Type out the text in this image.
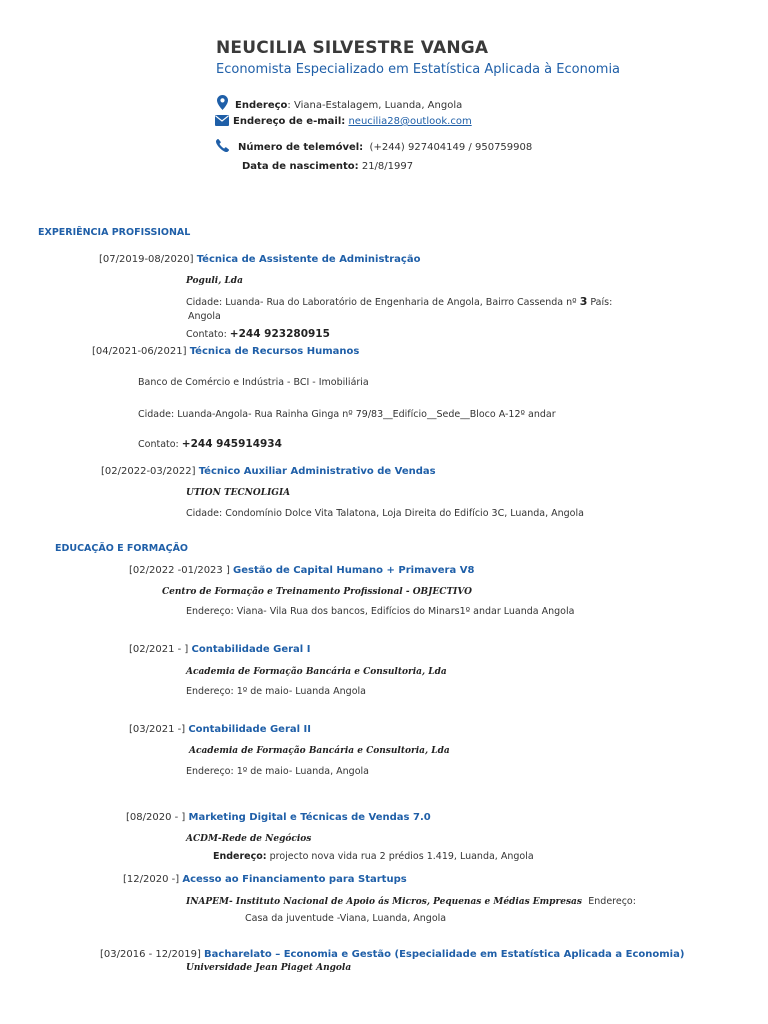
NEUCILIA SILVESTRE VANGA
Economista Especializado em Estatística Aplicada à Economia
Endereço: Viana-Estalagem, Luanda, Angola
Endereço de e-mail: neucilia28@outlook.com
Número de telemóvel: (+244) 927404149 / 950759908
Data de nascimento: 21/8/1997
EXPERIÊNCIA PROFISSIONAL
[07/2019-08/2020] Técnica de Assistente de Administração
Poguli, Lda
Cidade: Luanda- Rua do Laboratório de Engenharia de Angola, Bairro Cassenda nº 3 País:
Angola
Contato: +244 923280915
[04/2021-06/2021] Técnica de Recursos Humanos
Banco de Comércio e Indústria - BCI - Imobiliária
Cidade: Luanda-Angola- Rua Rainha Ginga nº 79/83__Edifício__Sede__Bloco A-12º andar
Contato: +244 945914934
[02/2022-03/2022] Técnico Auxiliar Administrativo de Vendas
UTION TECNOLIGIA
Cidade: Condomínio Dolce Vita Talatona, Loja Direita do Edifício 3C, Luanda, Angola
EDUCAÇÃO E FORMAÇÃO
[02/2022 -01/2023 ] Gestão de Capital Humano + Primavera V8
Centro de Formação e Treinamento Profissional - OBJECTIVO
Endereço: Viana- Vila Rua dos bancos, Edifícios do Minars1º andar Luanda Angola
[02/2021 - ] Contabilidade Geral I
Academia de Formação Bancária e Consultoria, Lda
Endereço: 1º de maio- Luanda Angola
[03/2021 -] Contabilidade Geral II
Academia de Formação Bancária e Consultoria, Lda
Endereço: 1º de maio- Luanda, Angola
[08/2020 - ] Marketing Digital e Técnicas de Vendas 7.0
ACDM-Rede de Negócios
Endereço: projecto nova vida rua 2 prédios 1.419, Luanda, Angola
[12/2020 -] Acesso ao Financiamento para Startups
INAPEM- Instituto Nacional de Apoio ás Micros, Pequenas e Médias Empresas Endereço:
Casa da juventude -Viana, Luanda, Angola
[03/2016 - 12/2019] Bacharelato – Economia e Gestão (Especialidade em Estatística Aplicada a Economia)
Universidade Jean Piaget Angola
